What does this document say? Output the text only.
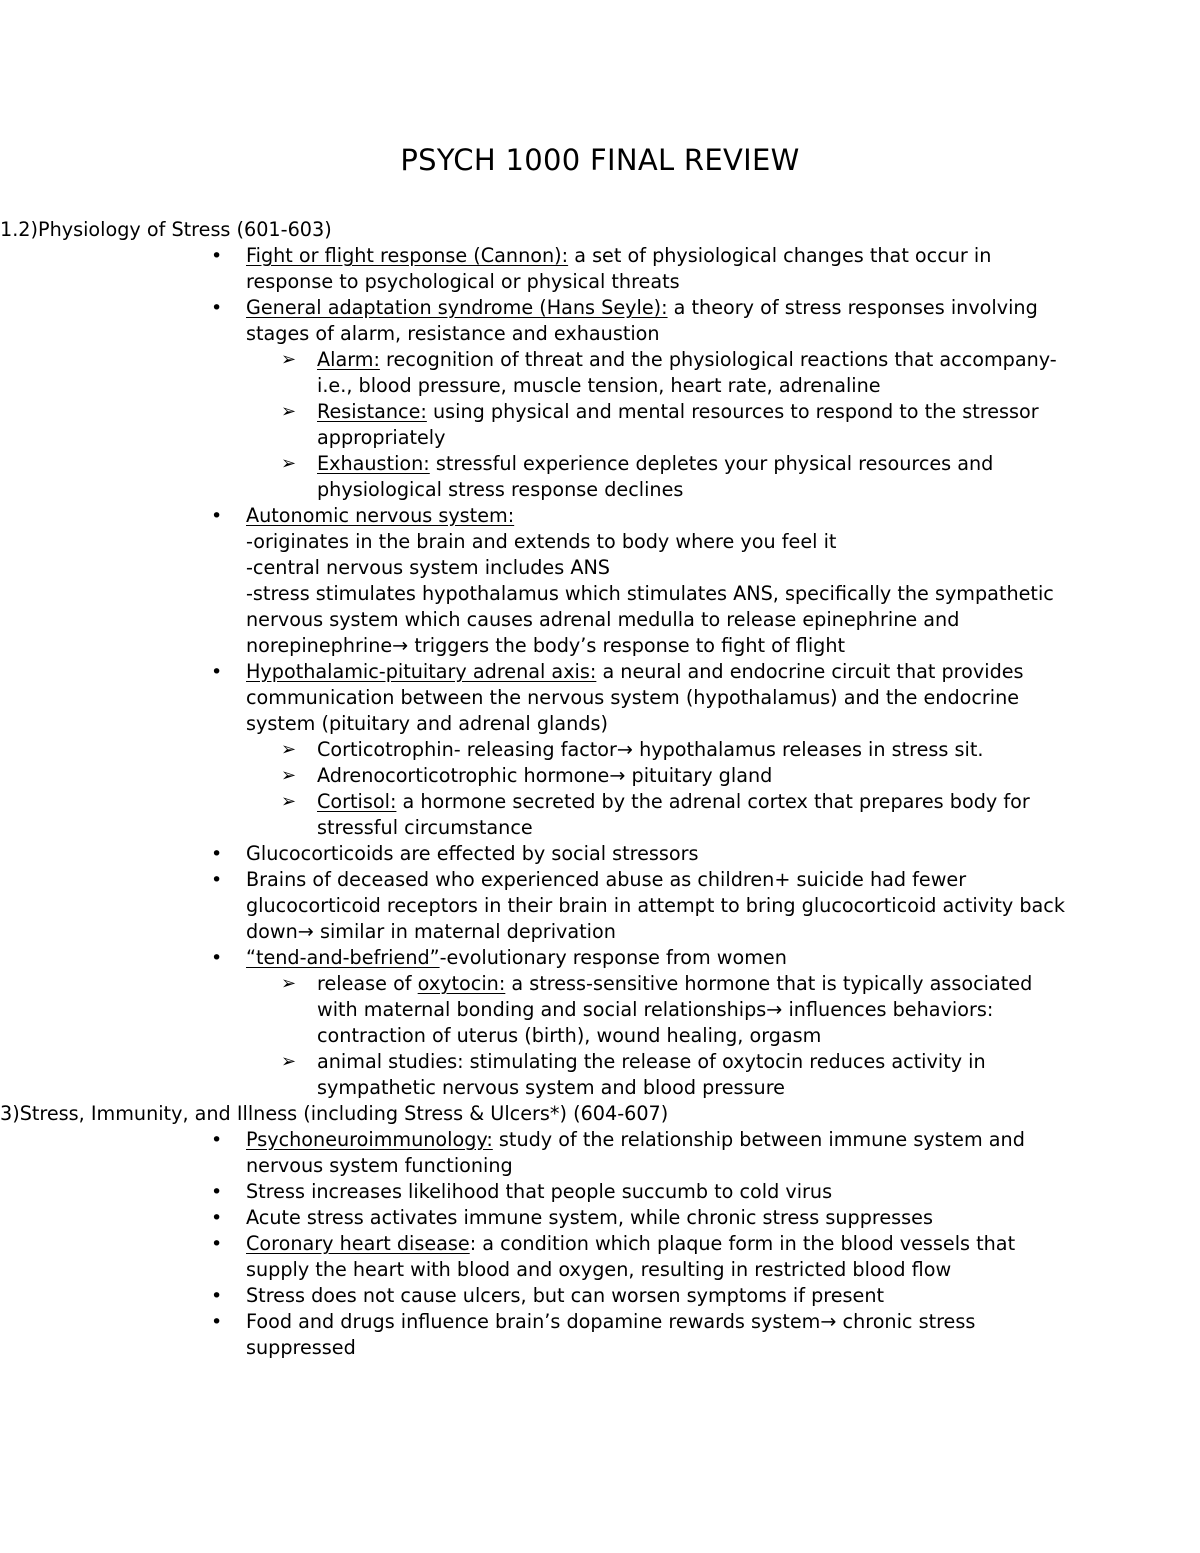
PSYCH 1000 FINAL REVIEW
1.2)Physiology of Stress (601-603)
• Fight or flight response (Cannon): a set of physiological changes that occur in
response to psychological or physical threats
• General adaptation syndrome (Hans Seyle): a theory of stress responses involving
stages of alarm, resistance and exhaustion
➢ Alarm: recognition of threat and the physiological reactions that accompany-
i.e., blood pressure, muscle tension, heart rate, adrenaline
➢ Resistance: using physical and mental resources to respond to the stressor
appropriately
➢ Exhaustion: stressful experience depletes your physical resources and
physiological stress response declines
• Autonomic nervous system:
-originates in the brain and extends to body where you feel it
-central nervous system includes ANS
-stress stimulates hypothalamus which stimulates ANS, specifically the sympathetic
nervous system which causes adrenal medulla to release epinephrine and
norepinephrine→ triggers the body’s response to fight of flight
• Hypothalamic-pituitary adrenal axis: a neural and endocrine circuit that provides
communication between the nervous system (hypothalamus) and the endocrine
system (pituitary and adrenal glands)
➢ Corticotrophin- releasing factor→ hypothalamus releases in stress sit.
➢ Adrenocorticotrophic hormone→ pituitary gland
➢ Cortisol: a hormone secreted by the adrenal cortex that prepares body for
stressful circumstance
• Glucocorticoids are effected by social stressors
• Brains of deceased who experienced abuse as children+ suicide had fewer
glucocorticoid receptors in their brain in attempt to bring glucocorticoid activity back
down→ similar in maternal deprivation
• “tend-and-befriend”-evolutionary response from women
➢ release of oxytocin: a stress-sensitive hormone that is typically associated
with maternal bonding and social relationships→ influences behaviors:
contraction of uterus (birth), wound healing, orgasm
➢ animal studies: stimulating the release of oxytocin reduces activity in
sympathetic nervous system and blood pressure
3)Stress, Immunity, and Illness (including Stress & Ulcers*) (604-607)
• Psychoneuroimmunology: study of the relationship between immune system and
nervous system functioning
• Stress increases likelihood that people succumb to cold virus
• Acute stress activates immune system, while chronic stress suppresses
• Coronary heart disease: a condition which plaque form in the blood vessels that
supply the heart with blood and oxygen, resulting in restricted blood flow
• Stress does not cause ulcers, but can worsen symptoms if present
• Food and drugs influence brain’s dopamine rewards system→ chronic stress
suppressed
